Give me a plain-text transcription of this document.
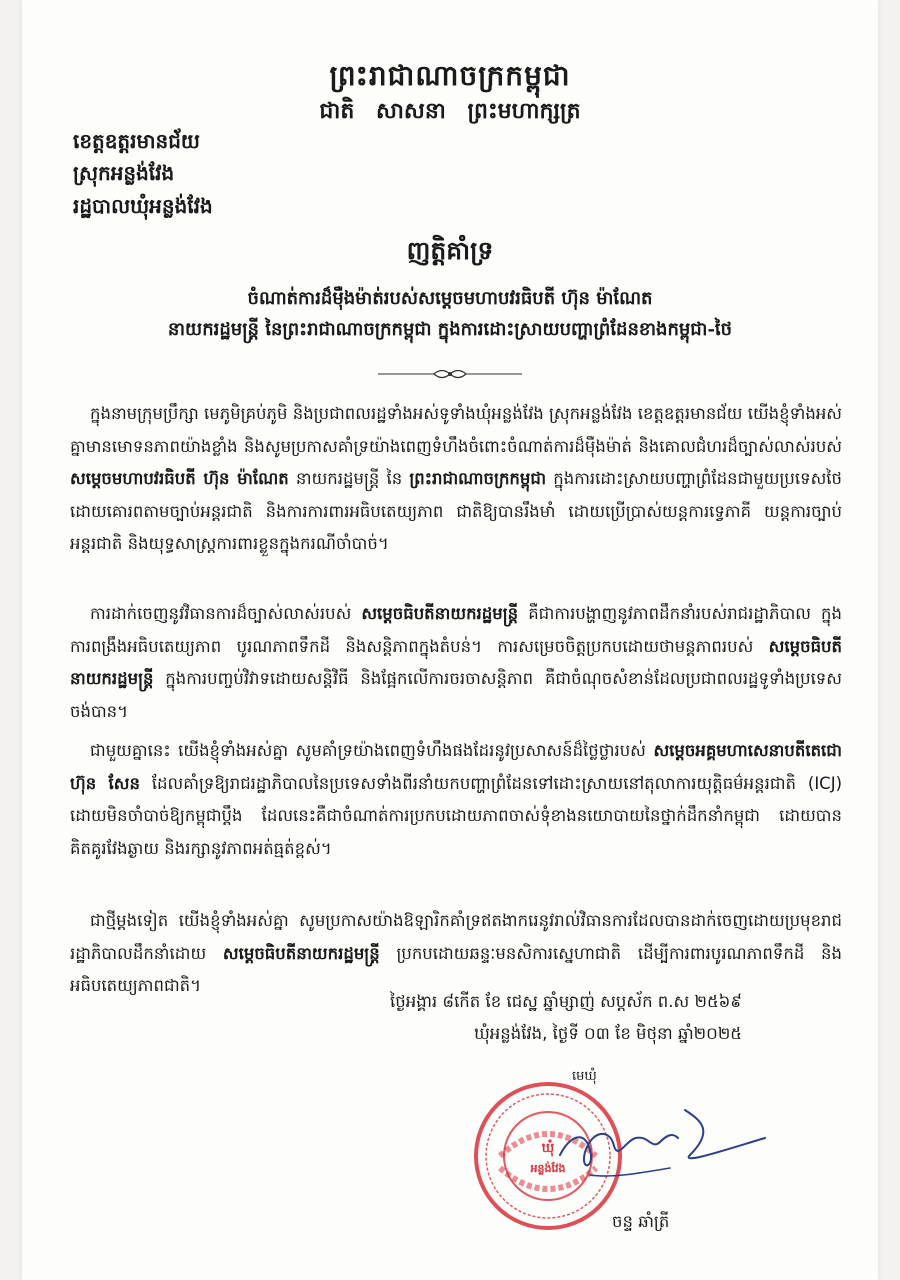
ព្រះរាជាណាចក្រកម្ពុជា
ជាតិ សាសនា ព្រះមហាក្សត្រ
ខេត្តឧត្តរមានជ័យ
ស្រុកអន្លង់វែង
រដ្ឋបាលឃុំអន្លង់វែង
ញត្តិគាំទ្រ
ចំណាត់ការដ៏ម៉ឺងម៉ាត់របស់សម្តេចមហាបវរធិបតី ហ៊ុន ម៉ាណែត
នាយករដ្ឋមន្ត្រី នៃព្រះរាជាណាចក្រកម្ពុជា ក្នុងការដោះស្រាយបញ្ហាព្រំដែនខាងកម្ពុជា-ថៃ
ក្នុងនាមក្រុមប្រឹក្សា មេភូមិគ្រប់ភូមិ និងប្រជាពលរដ្ឋទាំងអស់ទូទាំងឃុំអន្លង់វែង ស្រុកអន្លង់វែង ខេត្តឧត្តរមានជ័យ យើងខ្ញុំទាំងអស់គ្នាមានមោទនភាពយ៉ាងខ្លាំង និងសូមប្រកាសគាំទ្រយ៉ាងពេញទំហឹងចំពោះចំណាត់ការដ៏ម៉ឺងម៉ាត់ និងគោលជំហរដ៏ច្បាស់លាស់របស់ សម្តេចមហាបវរធិបតី ហ៊ុន ម៉ាណែត នាយករដ្ឋមន្ត្រី នៃ ព្រះរាជាណាចក្រកម្ពុជា ក្នុងការដោះស្រាយបញ្ហាព្រំដែនជាមួយប្រទេសថៃ ដោយគោរពតាមច្បាប់អន្តរជាតិ និងការការពារអធិបតេយ្យភាព ជាតិឱ្យបានរឹងមាំ ដោយប្រើប្រាស់យន្តការទ្វេភាគី យន្តការច្បាប់អន្តរជាតិ និងយុទ្ធសាស្ត្រការពារខ្លួនក្នុងករណីចាំបាច់។
ការដាក់ចេញនូវវិធានការដ៏ច្បាស់លាស់របស់ សម្តេចធិបតីនាយករដ្ឋមន្ត្រី គឺជាការបង្ហាញនូវភាពដឹកនាំរបស់រាជរដ្ឋាភិបាល ក្នុងការពង្រឹងអធិបតេយ្យភាព បូរណភាពទឹកដី និងសន្តិភាពក្នុងតំបន់។ ការសម្រេចចិត្តប្រកបដោយថាមន្តភាពរបស់ សម្តេចធិបតីនាយករដ្ឋមន្ត្រី ក្នុងការបញ្ចប់វិវាទដោយសន្តិវិធី និងផ្អែកលើការចរចាសន្តិភាព គឺជាចំណុចសំខាន់ដែលប្រជាពលរដ្ឋទូទាំងប្រទេសចង់បាន។
ជាមួយគ្នានេះ យើងខ្ញុំទាំងអស់គ្នា សូមគាំទ្រយ៉ាងពេញទំហឹងផងដែរនូវប្រសាសន៍ដ៏ថ្លៃថ្លារបស់ សម្តេចអគ្គមហាសេនាបតីតេជោ ហ៊ុន សែន ដែលគាំទ្រឱ្យរាជរដ្ឋាភិបាលនៃប្រទេសទាំងពីរនាំយកបញ្ហាព្រំដែនទៅដោះស្រាយនៅតុលាការយុត្តិធម៌អន្តរជាតិ (ICJ) ដោយមិនចាំបាច់ឱ្យកម្ពុជាប្តឹង ដែលនេះគឺជាចំណាត់ការប្រកបដោយភាពចាស់ទុំខាងនយោបាយនៃថ្នាក់ដឹកនាំកម្ពុជា ដោយបានគិតគូរវែងឆ្ងាយ និងរក្សានូវភាពអត់ធ្មត់ខ្ពស់។
ជាថ្មីម្តងទៀត យើងខ្ញុំទាំងអស់គ្នា សូមប្រកាសយ៉ាងឱឡារិកគាំទ្រឥតងាករេនូវរាល់វិធានការដែលបានដាក់ចេញដោយប្រមុខរាជរដ្ឋាភិបាលដឹកនាំដោយ សម្តេចធិបតីនាយករដ្ឋមន្ត្រី ប្រកបដោយឆន្ទៈមនសិការស្នេហាជាតិ ដើម្បីការពារបូរណភាពទឹកដី និងអធិបតេយ្យភាពជាតិ។
ថ្ងៃអង្គារ ៨កើត ខែ ជេស្ឋ ឆ្នាំម្សាញ់ សប្តស័ក ព.ស ២៥៦៩
ឃុំអន្លង់វែង, ថ្ងៃទី ០៣ ខែ មិថុនា ឆ្នាំ២០២៥
មេឃុំ
ឃុំ
អន្លង់វែង
ចន្ទ ឆាំត្រី
